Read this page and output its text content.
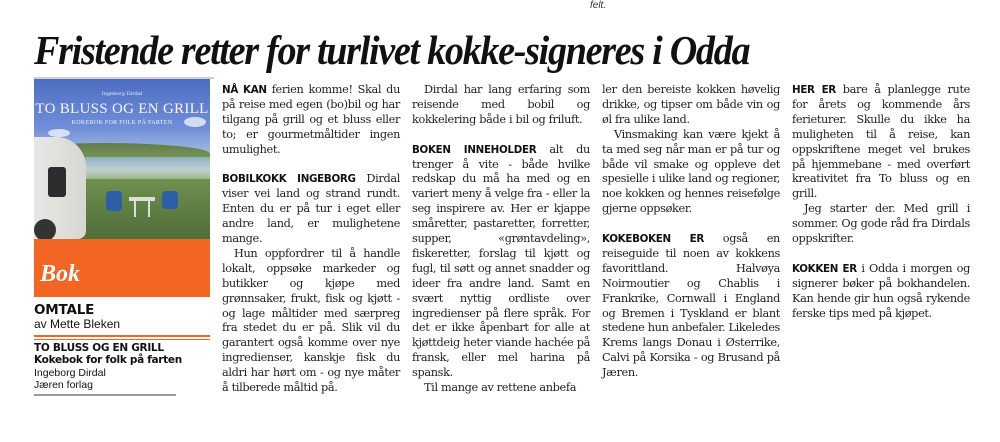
felt.
Fristende retter for turlivet kokke-signeres i Odda
Ingeborg Dirdal
TO BLUSS OG EN GRILL
KOKEBOK FOR FOLK PÅ FARTEN
Bok
OMTALE
av Mette Bleken
TO BLUSS OG EN GRILL
Kokebok for folk på farten
Ingeborg Dirdal
Jæren forlag

NÅ KAN ferien komme! Skal du på reise med egen (bo)bil og har tilgang på grill og et bluss eller to; er gourmetmåltider ingen umulighet.

BOBILKOKK INGEBORG Dirdal viser vei land og strand rundt. Enten du er på tur i eget eller andre land, er mulighetene mange.

Hun oppfordrer til å handle lokalt, oppsøke markeder og butikker og kjøpe med grønnsaker, frukt, fisk og kjøtt - og lage måltider med særpreg fra stedet du er på. Slik vil du garantert også komme over nye ingredienser, kanskje fisk du aldri har hørt om - og nye måter å tilberede måltid på.

Dirdal har lang erfaring som reisende med bobil og kokkelering både i bil og friluft.

BOKEN INNEHOLDER alt du trenger å vite - både hvilke redskap du må ha med og en variert meny å velge fra - eller la seg inspirere av. Her er kjappe småretter, pastaretter, forretter, supper, «grøntavdeling», fiskeretter, forslag til kjøtt og fugl, til søtt og annet snadder og ideer fra andre land. Samt en svært nyttig ordliste over ingredienser på flere språk. For det er ikke åpenbart for alle at kjøttdeig heter viande hachée på fransk, eller mel harina på spansk.

Til mange av rettene anbefa

ler den bereiste kokken høvelig drikke, og tipser om både vin og øl fra ulike land.

Vinsmaking kan være kjekt å ta med seg når man er på tur og både vil smake og oppleve det spesielle i ulike land og regioner, noe kokken og hennes reisefølge gjerne oppsøker.

KOKEBOKEN ER også en reiseguide til noen av kokkens favorittland. Halvøya Noirmoutier og Chablis i Frankrike, Cornwall i England og Bremen i Tyskland er blant stedene hun anbefaler. Likeledes Krems langs Donau i Østerrike, Calvi på Korsika - og Brusand på Jæren.

HER ER bare å planlegge rute for årets og kommende års ferieturer. Skulle du ikke ha muligheten til å reise, kan oppskriftene meget vel brukes på hjemmebane - med overført kreativitet fra To bluss og en grill.

Jeg starter der. Med grill i sommer. Og gode råd fra Dirdals oppskrifter.

KOKKEN ER i Odda i morgen og signerer bøker på bokhandelen. Kan hende gir hun også rykende ferske tips med på kjøpet.
